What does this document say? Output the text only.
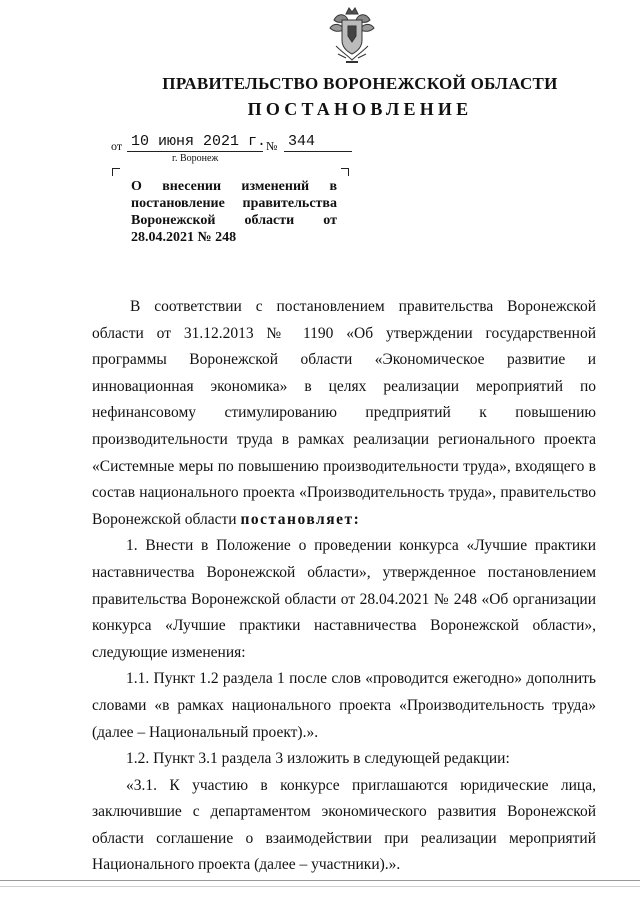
ПРАВИТЕЛЬСТВО ВОРОНЕЖСКОЙ ОБЛАСТИ
ПОСТАНОВЛЕНИЕ
от 10 июня 2021 г. № 344
г. Воронеж
О внесении изменений в
постановление правительства
Воронежской области от
28.04.2021 № 248

В соответствии с постановлением правительства Воронежской области от 31.12.2013 № 1190 «Об утверждении государственной программы Воронежской области «Экономическое развитие и инновационная экономика» в целях реализации мероприятий по нефинансовому стимулированию предприятий к повышению производительности труда в рамках реализации регионального проекта «Системные меры по повышению производительности труда», входящего в состав национального проекта «Производительность труда», правительство Воронежской области постановляет:

1. Внести в Положение о проведении конкурса «Лучшие практики наставничества Воронежской области», утвержденное постановлением правительства Воронежской области от 28.04.2021 № 248 «Об организации конкурса «Лучшие практики наставничества Воронежской области», следующие изменения:

1.1. Пункт 1.2 раздела 1 после слов «проводится ежегодно» дополнить словами «в рамках национального проекта «Производительность труда» (далее – Национальный проект).».

1.2. Пункт 3.1 раздела 3 изложить в следующей редакции:

«3.1. К участию в конкурсе приглашаются юридические лица, заключившие с департаментом экономического развития Воронежской области соглашение о взаимодействии при реализации мероприятий Национального проекта (далее – участники).».
